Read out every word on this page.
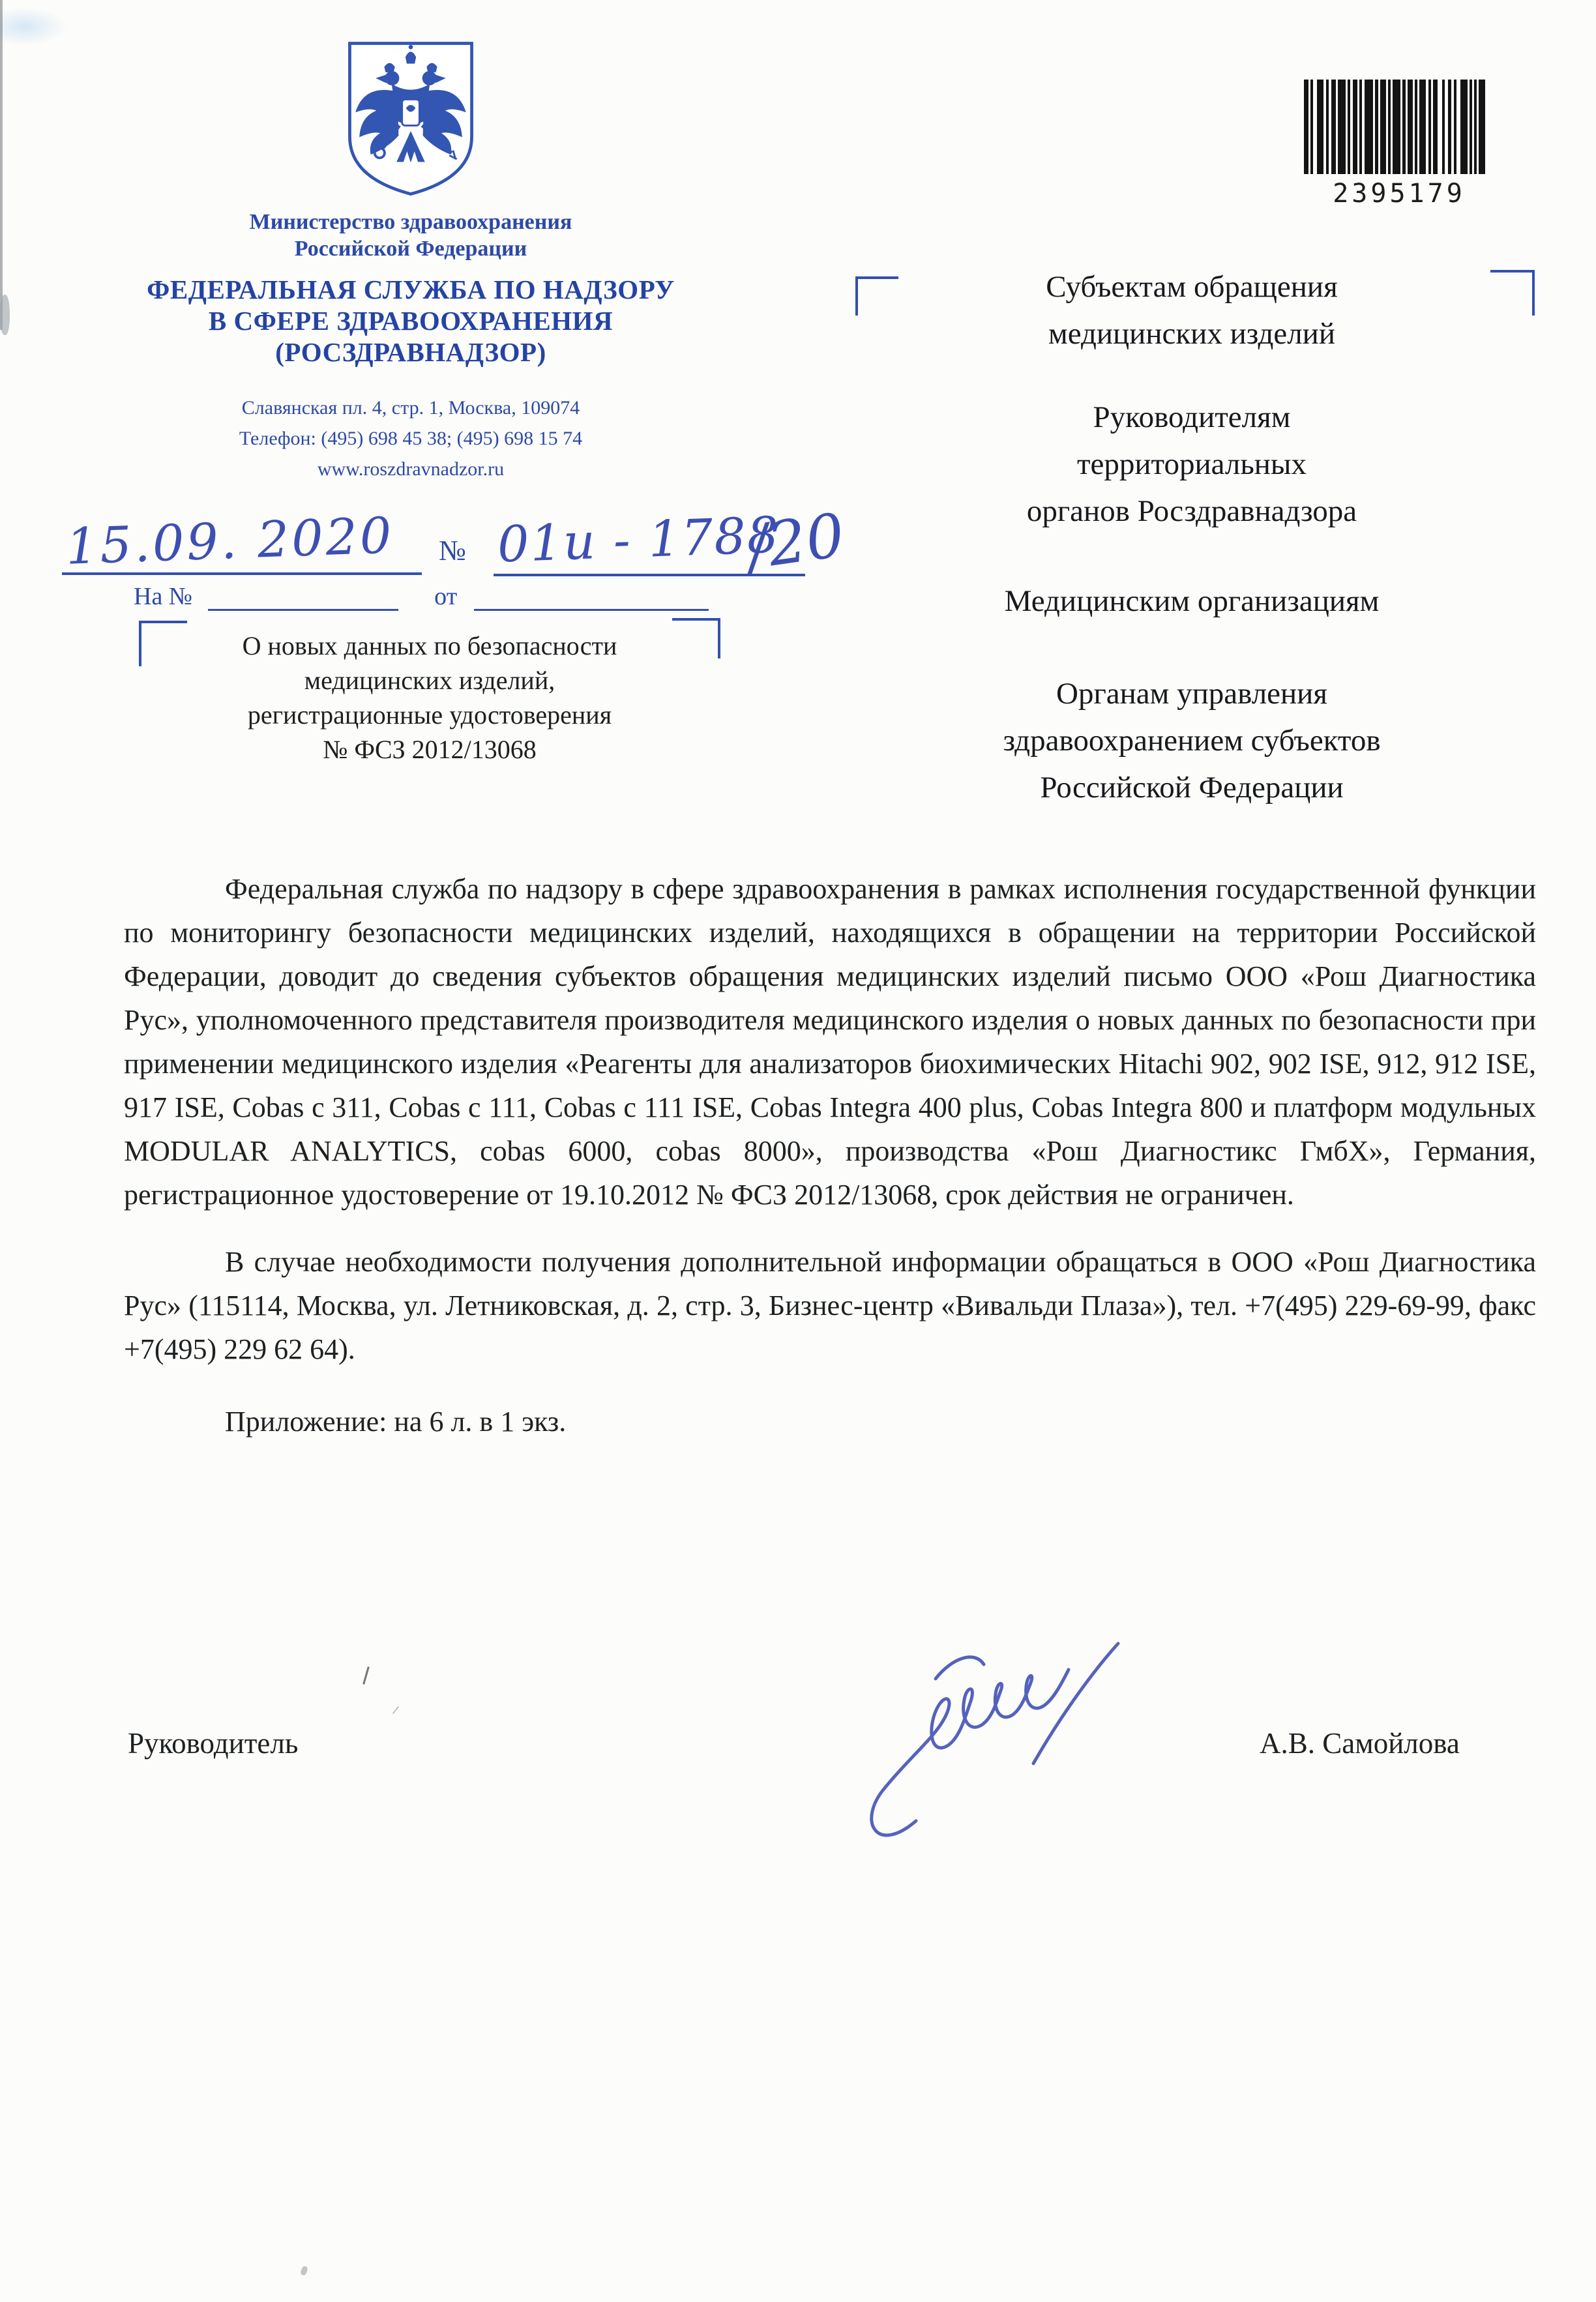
Министерство здравоохранения
Российской Федерации
ФЕДЕРАЛЬНАЯ СЛУЖБА ПО НАДЗОРУ
В СФЕРЕ ЗДРАВООХРАНЕНИЯ
(РОСЗДРАВНАДЗОР)
Славянская пл. 4, стр. 1, Москва, 109074
Телефон: (495) 698 45 38; (495) 698 15 74
www.roszdravnadzor.ru
15.09. 2020 № 01и - 1788
/20
На №	от
О новых данных по безопасности
медицинских изделий,
регистрационные удостоверения
№ ФСЗ 2012/13068
Субъектам обращения
медицинских изделий
Руководителям
территориальных
органов Росздравнадзора
Медицинским организациям
Органам управления
здравоохранением субъектов
Российской Федерации
2395179

Федеральная служба по надзору в сфере здравоохранения в рамках исполнения государственной функции по мониторингу безопасности медицинских изделий, находящихся в обращении на территории Российской Федерации, доводит до сведения субъектов обращения медицинских изделий письмо ООО «Рош Диагностика Рус», уполномоченного представителя производителя медицинского изделия о новых данных по безопасности при применении медицинского изделия «Реагенты для анализаторов биохимических Hitachi 902, 902 ISE, 912, 912 ISE, 917 ISE, Cobas c 311, Cobas c 111, Cobas c 111 ISE, Cobas Integra 400 plus, Cobas Integra 800 и платформ модульных MODULAR ANALYTICS, cobas 6000, cobas 8000», производства «Рош Диагностикс ГмбХ», Германия, регистрационное удостоверение от 19.10.2012 № ФСЗ 2012/13068, срок действия не ограничен.

В случае необходимости получения дополнительной информации обращаться в ООО «Рош Диагностика Рус» (115114, Москва, ул. Летниковская, д. 2, стр. 3, Бизнес-центр «Вивальди Плаза»), тел. +7(495) 229-69-99, факс +7(495) 229 62 64).

Приложение: на 6 л. в 1 экз.
Руководитель	А.В. Самойлова
